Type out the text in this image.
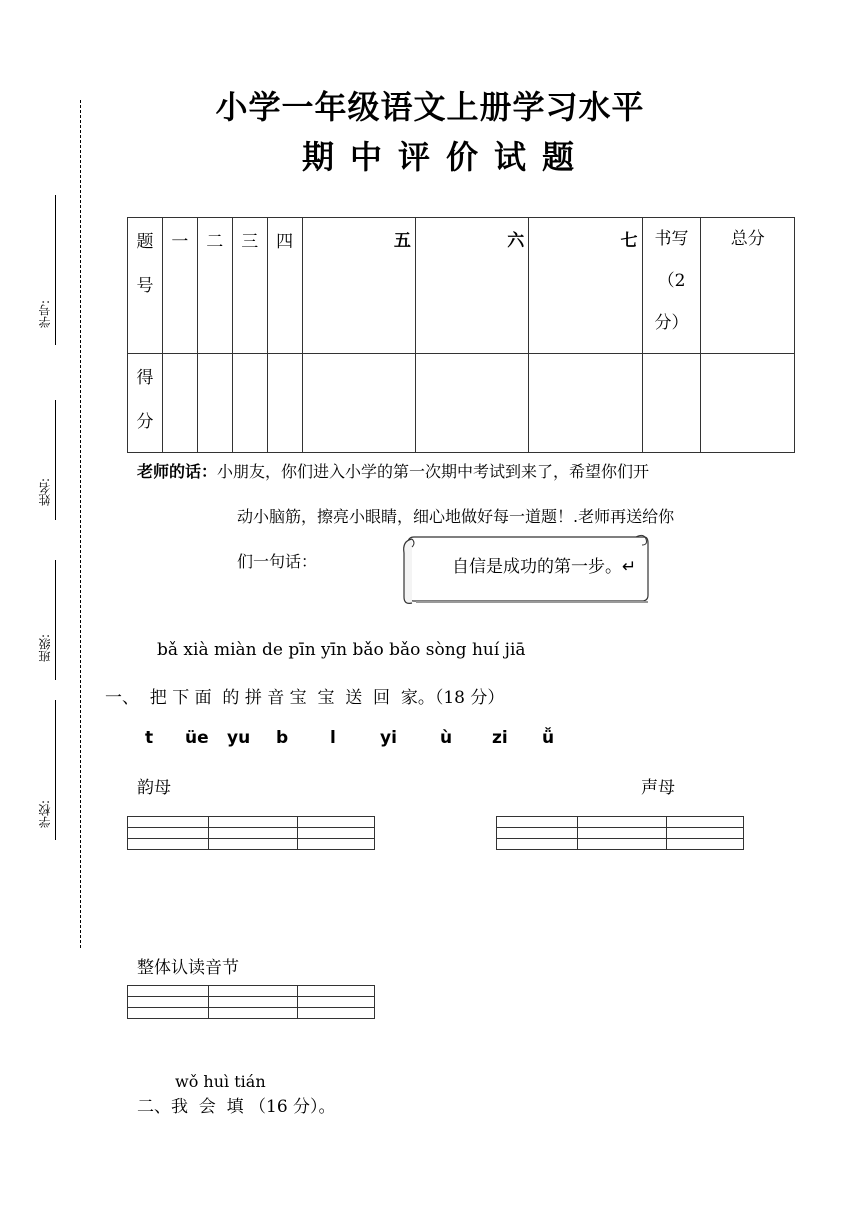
学号:
姓名:
班级:
学校:
小学一年级语文上册学习水平
期中评价试题
题号	一	二	三	四	五	六	七	书写（2分）	总分
得分									
老师的话：小朋友，你们进入小学的第一次期中考试到来了，希望你们开
动小脑筋，擦亮小眼睛，细心地做好每一道题！.老师再送给你
们一句话：	自信是成功的第一步。↵
bǎ xià miàn de pīn yīn bǎo bǎo sòng huí jiā
一、  把 下 面  的 拼 音 宝  宝  送  回  家。（18 分）
t üe yu b l	yi	ù zi ǚ
韵母	声母

整体认读音节

wǒ huì tián
二、我  会  填 （16 分）。
